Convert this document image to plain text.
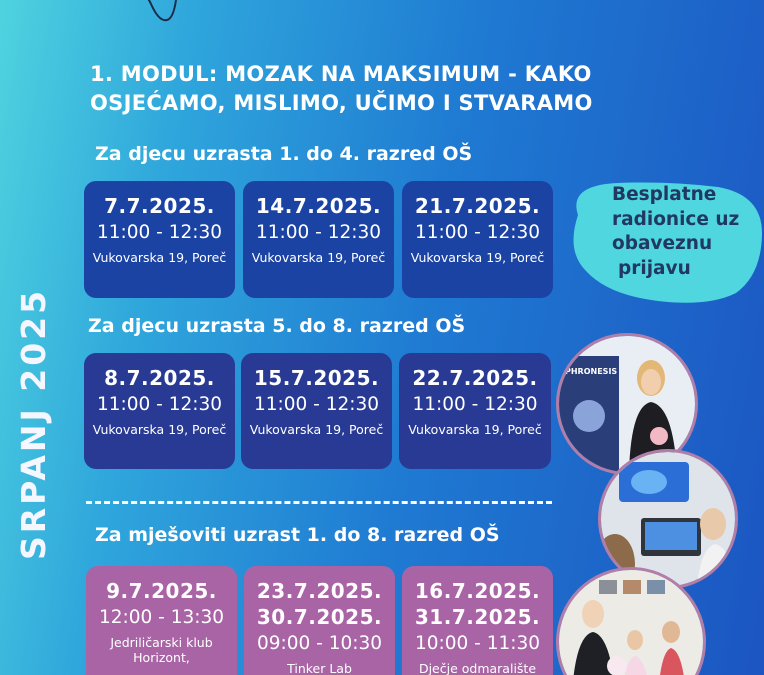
SRPANJ 2025
1. MODUL: MOZAK NA MAKSIMUM - KAKO OSJEĆAMO, MISLIMO, UČIMO I STVARAMO
Za djecu uzrasta 1. do 4. razred OŠ
7.7.2025.
11:00 - 12:30
Vukovarska 19, Poreč
14.7.2025.
11:00 - 12:30
Vukovarska 19, Poreč
21.7.2025.
11:00 - 12:30
Vukovarska 19, Poreč
Besplatne
radionice uz
obaveznu
prijavu
Za djecu uzrasta 5. do 8. razred OŠ
8.7.2025.
11:00 - 12:30
Vukovarska 19, Poreč
15.7.2025.
11:00 - 12:30
Vukovarska 19, Poreč
22.7.2025.
11:00 - 12:30
Vukovarska 19, Poreč
Za mješoviti uzrast 1. do 8. razred OŠ
9.7.2025.
12:00 - 13:30
Jedriličarski klub Horizont,
23.7.2025.
30.7.2025.
09:00 - 10:30
Tinker Lab
16.7.2025.
31.7.2025.
10:00 - 11:30
Dječje odmaralište
PHRONESIS
